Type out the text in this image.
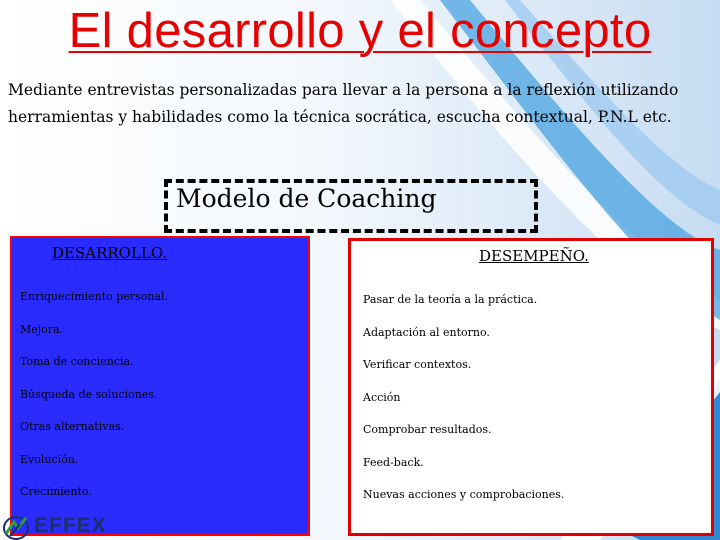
El desarrollo y el concepto
Mediante entrevistas personalizadas para llevar a la persona a la reflexión utilizando herramientas y habilidades como la técnica socrática, escucha contextual, P.N.L etc.
Modelo de Coaching
DESARROLLO.
Enriquecimiento personal.
Mejora.
Toma de conciencia.
Búsqueda de soluciones.
Otras alternativas.
Evolución.
Crecimiento.
DESEMPEÑO.
Pasar de la teoría a la práctica.
Adaptación al entorno.
Verificar contextos.
Acción
Comprobar resultados.
Feed-back.
Nuevas acciones y comprobaciones.
EFFEX
